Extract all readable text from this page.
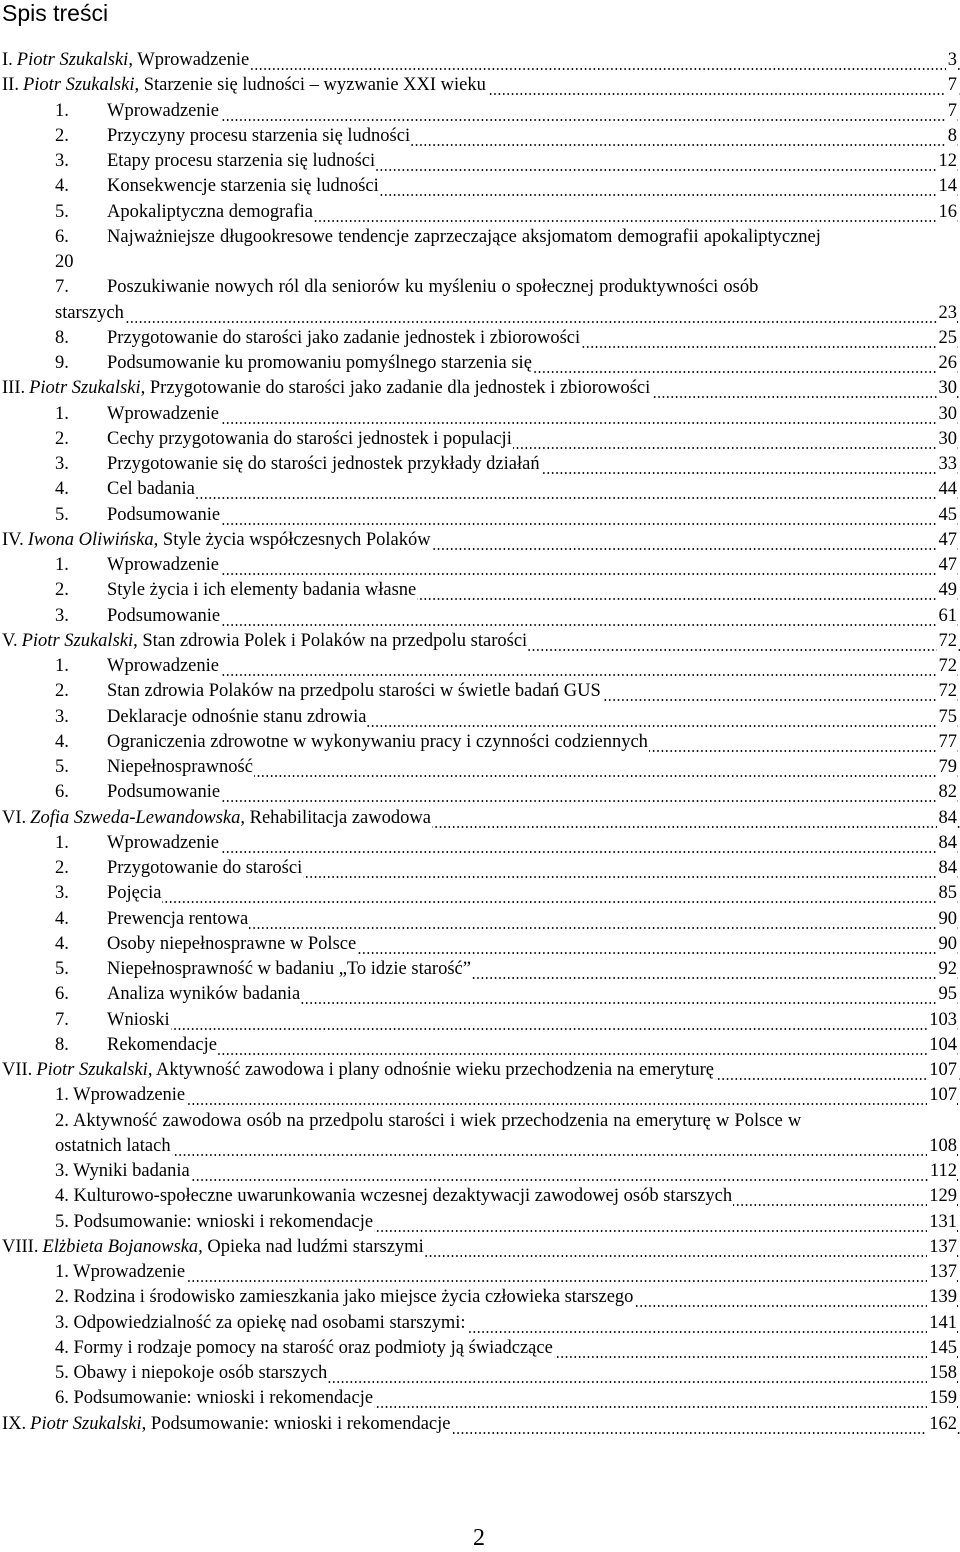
Spis treści
I. Piotr Szukalski, Wprowadzenie	3
II. Piotr Szukalski, Starzenie się ludności – wyzwanie XXI wieku	7
1. Wprowadzenie	7
2. Przyczyny procesu starzenia się ludności	8
3. Etapy procesu starzenia się ludności	12
4. Konsekwencje starzenia się ludności	14
5. Apokaliptyczna demografia	16
6. Najważniejsze długookresowe tendencje zaprzeczające aksjomatom demografii apokaliptycznej
20
7. Poszukiwanie nowych ról dla seniorów ku myśleniu o społecznej produktywności osób
starszych	23
8. Przygotowanie do starości jako zadanie jednostek i zbiorowości	25
9. Podsumowanie ku promowaniu pomyślnego starzenia się	26
III. Piotr Szukalski, Przygotowanie do starości jako zadanie dla jednostek i zbiorowości	30
1. Wprowadzenie	30
2. Cechy przygotowania do starości jednostek i populacji	30
3. Przygotowanie się do starości jednostek przykłady działań	33
4. Cel badania	44
5. Podsumowanie	45
IV. Iwona Oliwińska, Style życia współczesnych Polaków	47
1. Wprowadzenie	47
2. Style życia i ich elementy badania własne	49
3. Podsumowanie	61
V. Piotr Szukalski, Stan zdrowia Polek i Polaków na przedpolu starości	72
1. Wprowadzenie	72
2. Stan zdrowia Polaków na przedpolu starości w świetle badań GUS	72
3. Deklaracje odnośnie stanu zdrowia	75
4. Ograniczenia zdrowotne w wykonywaniu pracy i czynności codziennych	77
5. Niepełnosprawność	79
6. Podsumowanie	82
VI. Zofia Szweda-Lewandowska, Rehabilitacja zawodowa	84
1. Wprowadzenie	84
2. Przygotowanie do starości	84
3. Pojęcia	85
4. Prewencja rentowa	90
4. Osoby niepełnosprawne w Polsce	90
5. Niepełnosprawność w badaniu „To idzie starość”	92
6. Analiza wyników badania	95
7. Wnioski	103
8. Rekomendacje	104
VII. Piotr Szukalski, Aktywność zawodowa i plany odnośnie wieku przechodzenia na emeryturę	107
1. Wprowadzenie	107
2. Aktywność zawodowa osób na przedpolu starości i wiek przechodzenia na emeryturę w Polsce w
ostatnich latach	108
3. Wyniki badania	112
4. Kulturowo-społeczne uwarunkowania wczesnej dezaktywacji zawodowej osób starszych	129
5. Podsumowanie: wnioski i rekomendacje	131
VIII. Elżbieta Bojanowska, Opieka nad ludźmi starszymi	137
1. Wprowadzenie	137
2. Rodzina i środowisko zamieszkania jako miejsce życia człowieka starszego	139
3. Odpowiedzialność za opiekę nad osobami starszymi:	141
4. Formy i rodzaje pomocy na starość oraz podmioty ją świadczące	145
5. Obawy i niepokoje osób starszych	158
6. Podsumowanie: wnioski i rekomendacje	159
IX. Piotr Szukalski, Podsumowanie: wnioski i rekomendacje	162
2
